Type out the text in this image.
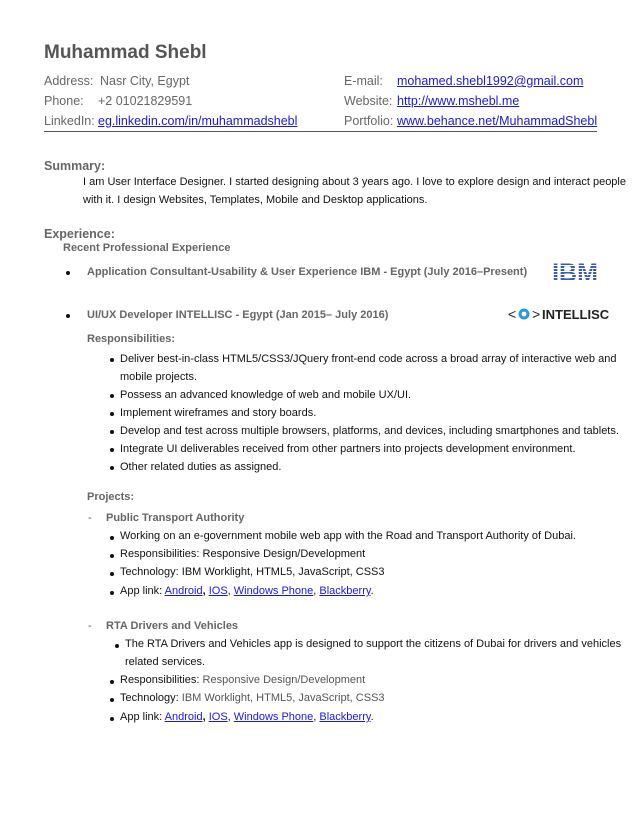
Muhammad Shebl
Address: Nasr City, Egypt
Phone: +2 01021829591
LinkedIn: eg.linkedin.com/in/muhammadshebl
E-mail: mohamed.shebl1992@gmail.com
Website: http://www.mshebl.me
Portfolio: www.behance.net/MuhammadShebl
Summary:
I am User Interface Designer. I started designing about 3 years ago. I love to explore design and interact people
with it. I design Websites, Templates, Mobile and Desktop applications.
Experience:
Recent Professional Experience
Application Consultant-Usability & User Experience IBM - Egypt (July 2016–Present) IBM
UI/UX Developer INTELLISC - Egypt (Jan 2015– July 2016)	< > INTELLISC
Responsibilities:
Deliver best-in-class HTML5/CSS3/JQuery front-end code across a broad array of interactive web and
mobile projects.
Possess an advanced knowledge of web and mobile UX/UI.
Implement wireframes and story boards.
Develop and test across multiple browsers, platforms, and devices, including smartphones and tablets.
Integrate UI deliverables received from other partners into projects development environment.
Other related duties as assigned.
Projects:
- Public Transport Authority
Working on an e-government mobile web app with the Road and Transport Authority of Dubai.
Responsibilities: Responsive Design/Development
Technology: IBM Worklight, HTML5, JavaScript, CSS3
App link: Android, IOS, Windows Phone, Blackberry.
- RTA Drivers and Vehicles
The RTA Drivers and Vehicles app is designed to support the citizens of Dubai for drivers and vehicles
related services.
Responsibilities: Responsive Design/Development
Technology: IBM Worklight, HTML5, JavaScript, CSS3
App link: Android, IOS, Windows Phone, Blackberry.
